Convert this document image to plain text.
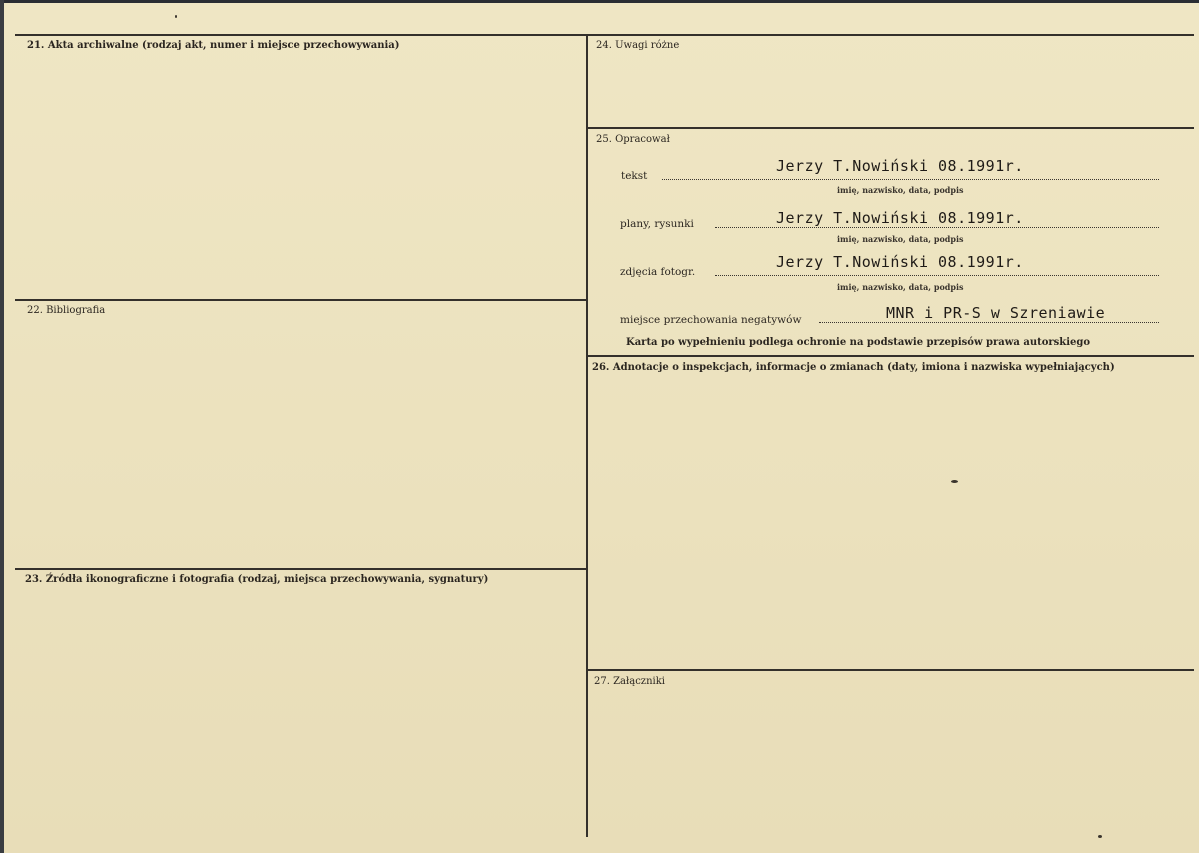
21. Akta archiwalne (rodzaj akt, numer i miejsce przechowywania)
22. Bibliografia
23. Źródła ikonograficzne i fotografia (rodzaj, miejsca przechowywania, sygnatury)
24. Uwagi różne
25. Opracował
26. Adnotacje o inspekcjach, informacje o zmianach (daty, imiona i nazwiska wypełniających)
27. Załączniki
tekst
Jerzy T.Nowiński 08.1991r.
imię, nazwisko, data, podpis
plany, rysunki	Jerzy T.Nowiński 08.1991r.
imię, nazwisko, data, podpis
zdjęcia fotogr.
Jerzy T.Nowiński 08.1991r.
imię, nazwisko, data, podpis
miejsce przechowania negatywów	MNR i PR-S w Szreniawie
Karta po wypełnieniu podlega ochronie na podstawie przepisów prawa autorskiego
